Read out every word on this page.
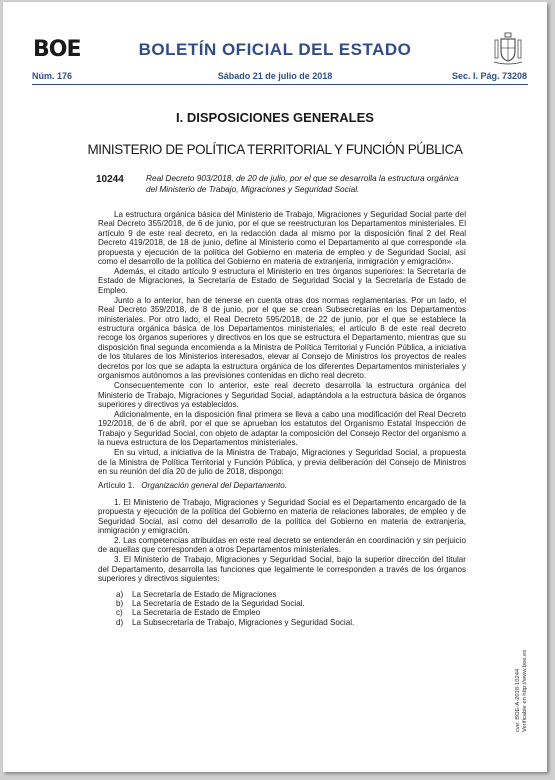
BOE	BOLETÍN OFICIAL DEL ESTADO
Núm. 176	Sábado 21 de julio de 2018	Sec. I. Pág. 73208
I. DISPOSICIONES GENERALES
MINISTERIO DE POLÍTICA TERRITORIAL Y FUNCIÓN PÚBLICA
10244	Real Decreto 903/2018, de 20 de julio, por el que se desarrolla la estructura orgánica del Ministerio de Trabajo, Migraciones y Seguridad Social.

La estructura orgánica básica del Ministerio de Trabajo, Migraciones y Seguridad Social parte del Real Decreto 355/2018, de 6 de junio, por el que se reestructuran los Departamentos ministeriales. El artículo 9 de este real decreto, en la redacción dada al mismo por la disposición final 2 del Real Decreto 419/2018, de 18 de junio, define al Ministerio como el Departamento al que corresponde «la propuesta y ejecución de la política del Gobierno en materia de empleo y de Seguridad Social, así como el desarrollo de la política del Gobierno en materia de extranjería, inmigración y emigración».

Además, el citado artículo 9 estructura el Ministerio en tres órganos superiores: la Secretaría de Estado de Migraciones, la Secretaría de Estado de Seguridad Social y la Secretaría de Estado de Empleo.

Junto a lo anterior, han de tenerse en cuenta otras dos normas reglamentarias. Por un lado, el Real Decreto 359/2018, de 8 de junio, por el que se crean Subsecretarías en los Departamentos ministeriales. Por otro lado, el Real Decreto 595/2018, de 22 de junio, por el que se establece la estructura orgánica básica de los Departamentos ministeriales; el artículo 8 de este real decreto recoge los órganos superiores y directivos en los que se estructura el Departamento, mientras que su disposición final segunda encomienda a la Ministra de Política Territorial y Función Pública, a iniciativa de los titulares de los Ministerios interesados, elevar al Consejo de Ministros los proyectos de reales decretos por los que se adapta la estructura orgánica de los diferentes Departamentos ministeriales y organismos autónomos a las previsiones contenidas en dicho real decreto.

Consecuentemente con lo anterior, este real decreto desarrolla la estructura orgánica del Ministerio de Trabajo, Migraciones y Seguridad Social, adaptándola a la estructura básica de órganos superiores y directivos ya establecidos.

Adicionalmente, en la disposición final primera se lleva a cabo una modificación del Real Decreto 192/2018, de 6 de abril, por el que se aprueban los estatutos del Organismo Estatal Inspección de Trabajo y Seguridad Social, con objeto de adaptar la composición del Consejo Rector del organismo a la nueva estructura de los Departamentos ministeriales.

En su virtud, a iniciativa de la Ministra de Trabajo, Migraciones y Seguridad Social, a propuesta de la Ministra de Política Territorial y Función Pública, y previa deliberación del Consejo de Ministros en su reunión del día 20 de julio de 2018, dispongo:

Artículo 1. Organización general del Departamento.

1. El Ministerio de Trabajo, Migraciones y Seguridad Social es el Departamento encargado de la propuesta y ejecución de la política del Gobierno en materia de relaciones laborales, de empleo y de Seguridad Social, así como del desarrollo de la política del Gobierno en materia de extranjería, inmigración y emigración.

2. Las competencias atribuidas en este real decreto se entenderán en coordinación y sin perjuicio de aquellas que corresponden a otros Departamentos ministeriales.

3. El Ministerio de Trabajo, Migraciones y Seguridad Social, bajo la superior dirección del titular del Departamento, desarrolla las funciones que legalmente le corresponden a través de los órganos superiores y directivos siguientes:

a) La Secretaría de Estado de Migraciones
b) La Secretaría de Estado de la Seguridad Social.
c) La Secretaría de Estado de Empleo
d) La Subsecretaría de Trabajo, Migraciones y Seguridad Social.
cve: BOE-A-2018-10244 Verificable en http://www.boe.es
